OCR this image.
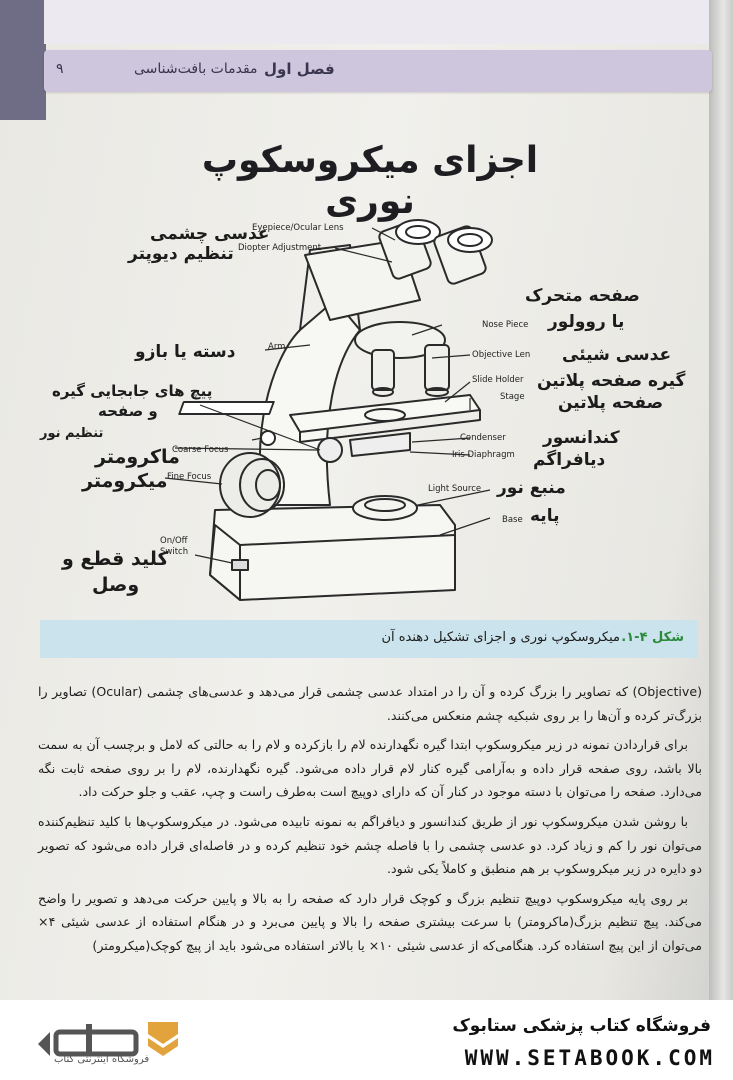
فصل اول
مقدمات بافت‌شناسی
۹
اجزای میکروسکوپ نوری
Eyepiece/Ocular Lens
عدسی چشمی
Diopter Adjustment
تنظیم دیوپتر
صفحه متحرک
یا روولور
Nose Piece
Arm
دسته یا بازو	Objective Len عدسی شیئی
Slide Holder گیره صفحه پلاتین
Stage صفحه پلاتین
پیچ های جابجایی گیره
و صفحه
تنظیم نور
Coarse Focus
ماکرومتر
Condenser کندانسور
Iris Diaphragm دیافراگم
Fine Focus
میکرومتر	Light Source منبع نور
Base پایه
On/Off
Switch
کلید قطع و
وصل
شکل ۴-۱.
میکروسکوپ نوری و اجزای تشکیل دهنده آن

(Objective) که تصاویر را بزرگ کرده و آن را در امتداد عدسی چشمی قرار می‌دهد و عدسی‌های چشمی (Ocular) تصاویر را بزرگ‌تر کرده و آن‌ها را بر روی شبکیه چشم منعکس می‌کنند.

برای قراردادن نمونه در زیر میکروسکوپ ابتدا گیره نگهدارنده لام را بازکرده و لام را به حالتی که لامل و برچسب آن به سمت بالا باشد، روی صفحه قرار داده و به‌آرامی گیره کنار لام قرار داده می‌شود. گیره نگهدارنده، لام را بر روی صفحه ثابت نگه می‌دارد. صفحه را می‌توان با دسته موجود در کنار آن که دارای دوپیچ است به‌طرف راست و چپ، عقب و جلو حرکت داد.

با روشن شدن میکروسکوپ نور از طریق کندانسور و دیافراگم به نمونه تابیده می‌شود. در میکروسکوپ‌ها با کلید تنظیم‌کننده می‌توان نور را کم و زیاد کرد. دو عدسی چشمی را با فاصله چشم خود تنظیم کرده و در فاصله‌ای قرار داده می‌شود که تصویر دو دایره در زیر میکروسکوپ بر هم منطبق و کاملاً یکی شود.

بر روی پایه میکروسکوپ دوپیچ تنظیم بزرگ و کوچک قرار دارد که صفحه را به بالا و پایین حرکت می‌دهد و تصویر را واضح می‌کند. پیچ تنظیم بزرگ(ماکرومتر) با سرعت بیشتری صفحه را بالا و پایین می‌برد و در هنگام استفاده از عدسی شیئی ۴× می‌توان از این پیچ استفاده کرد. هنگامی‌که از عدسی شیئی ۱۰× یا بالاتر استفاده می‌شود باید از پیچ کوچک(میکرومتر)

فروشگاه کتاب پزشکی ستابوک
WWW.SETABOOK.COM
فروشگاه اینترنتی کتاب
